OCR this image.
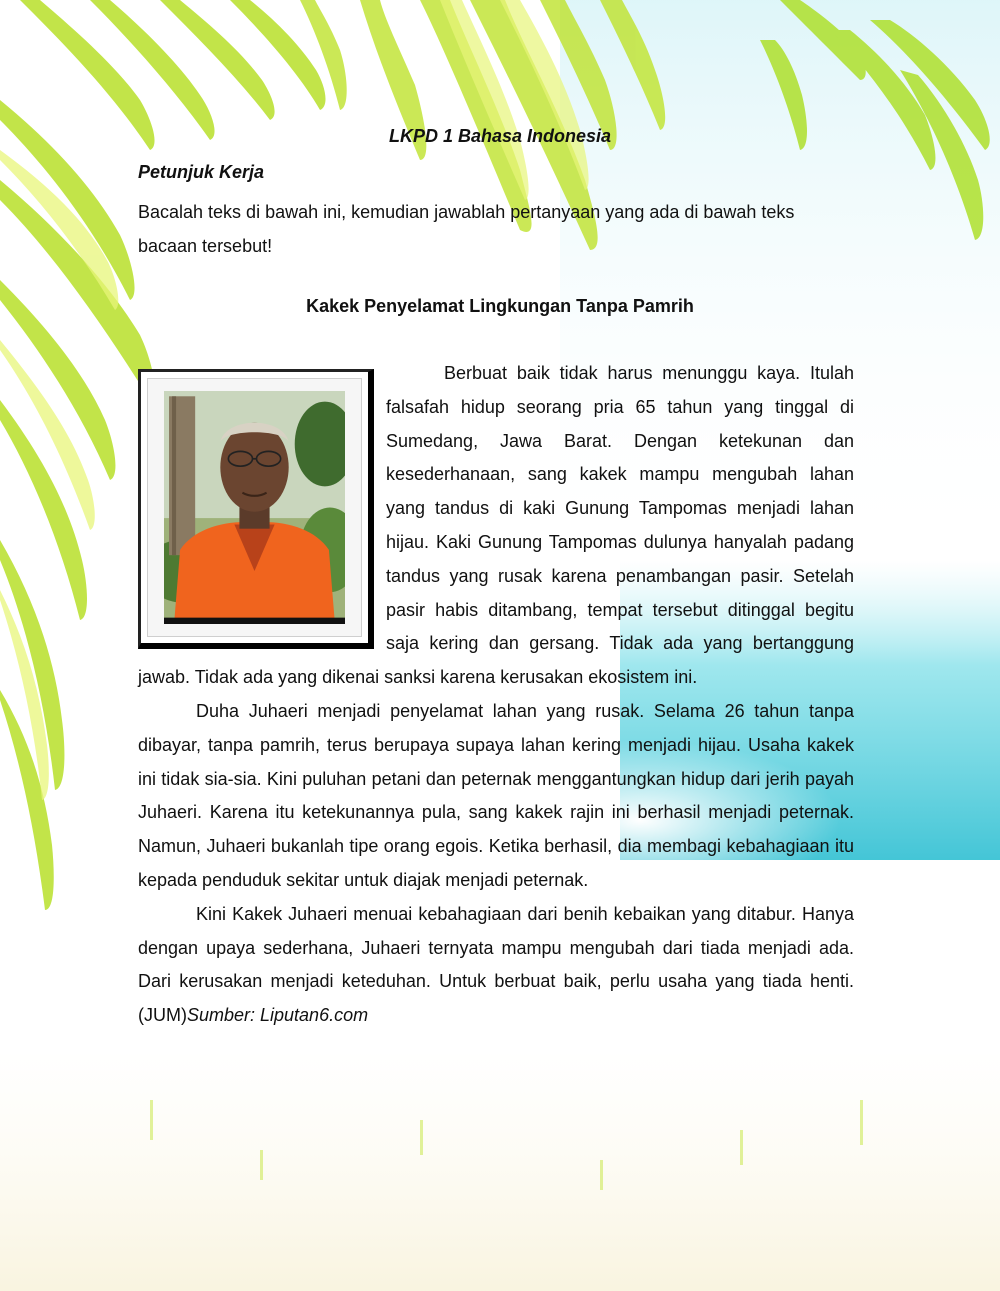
LKPD 1 Bahasa Indonesia
Petunjuk Kerja

Bacalah teks di bawah ini, kemudian jawablah pertanyaan yang ada di bawah teks bacaan tersebut!

Kakek Penyelamat Lingkungan Tanpa Pamrih

Berbuat baik tidak harus menunggu kaya. Itulah falsafah hidup seorang pria 65 tahun yang tinggal di Sumedang, Jawa Barat. Dengan ketekunan dan kesederhanaan, sang kakek mampu mengubah lahan yang tandus di kaki Gunung Tampomas menjadi lahan hijau. Kaki Gunung Tampomas dulunya hanyalah padang tandus yang rusak karena penambangan pasir. Setelah pasir habis ditambang, tempat tersebut ditinggal begitu saja kering dan gersang. Tidak ada yang bertanggung jawab. Tidak ada yang dikenai sanksi karena kerusakan ekosistem ini.

Duha Juhaeri menjadi penyelamat lahan yang rusak. Selama 26 tahun tanpa dibayar, tanpa pamrih, terus berupaya supaya lahan kering menjadi hijau. Usaha kakek ini tidak sia-sia. Kini puluhan petani dan peternak menggantungkan hidup dari jerih payah Juhaeri. Karena itu ketekunannya pula, sang kakek rajin ini berhasil menjadi peternak. Namun, Juhaeri bukanlah tipe orang egois. Ketika berhasil, dia membagi kebahagiaan itu kepada penduduk sekitar untuk diajak menjadi peternak.

Kini Kakek Juhaeri menuai kebahagiaan dari benih kebaikan yang ditabur. Hanya dengan upaya sederhana, Juhaeri ternyata mampu mengubah dari tiada menjadi ada. Dari kerusakan menjadi keteduhan. Untuk berbuat baik, perlu usaha yang tiada henti.(JUM)Sumber: Liputan6.com
